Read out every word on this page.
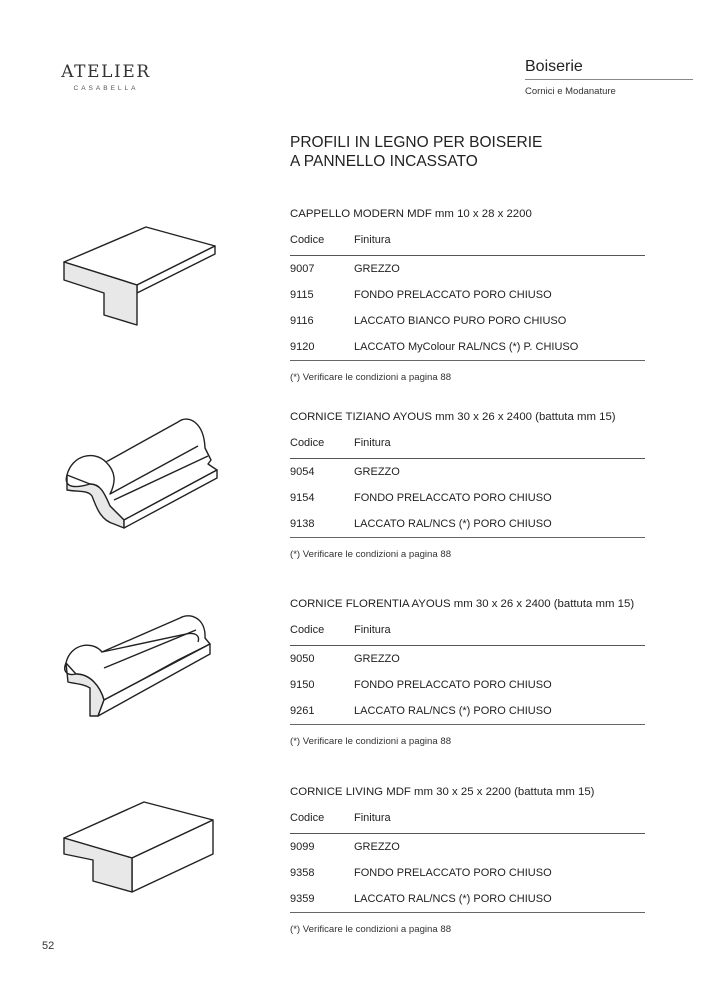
ATELIER
CASABELLA
Boiserie
Cornici e Modanature
PROFILI IN LEGNO PER BOISERIE
A PANNELLO INCASSATO
CAPPELLO MODERN MDF mm 10 x 28 x 2200
Codice	Finitura
9007	GREZZO
9115	FONDO PRELACCATO PORO CHIUSO
9116	LACCATO BIANCO PURO PORO CHIUSO
9120	LACCATO MyColour RAL/NCS (*) P. CHIUSO
(*) Verificare le condizioni a pagina 88
CORNICE TIZIANO AYOUS mm 30 x 26 x 2400 (battuta mm 15)
Codice	Finitura
9054	GREZZO
9154	FONDO PRELACCATO PORO CHIUSO
9138	LACCATO RAL/NCS (*) PORO CHIUSO
(*) Verificare le condizioni a pagina 88
CORNICE FLORENTIA AYOUS mm 30 x 26 x 2400 (battuta mm 15)
Codice	Finitura
9050	GREZZO
9150	FONDO PRELACCATO PORO CHIUSO
9261	LACCATO RAL/NCS (*) PORO CHIUSO
(*) Verificare le condizioni a pagina 88
CORNICE LIVING MDF mm 30 x 25 x 2200 (battuta mm 15)
Codice	Finitura
9099	GREZZO
9358	FONDO PRELACCATO PORO CHIUSO
9359	LACCATO RAL/NCS (*) PORO CHIUSO
(*) Verificare le condizioni a pagina 88
52
